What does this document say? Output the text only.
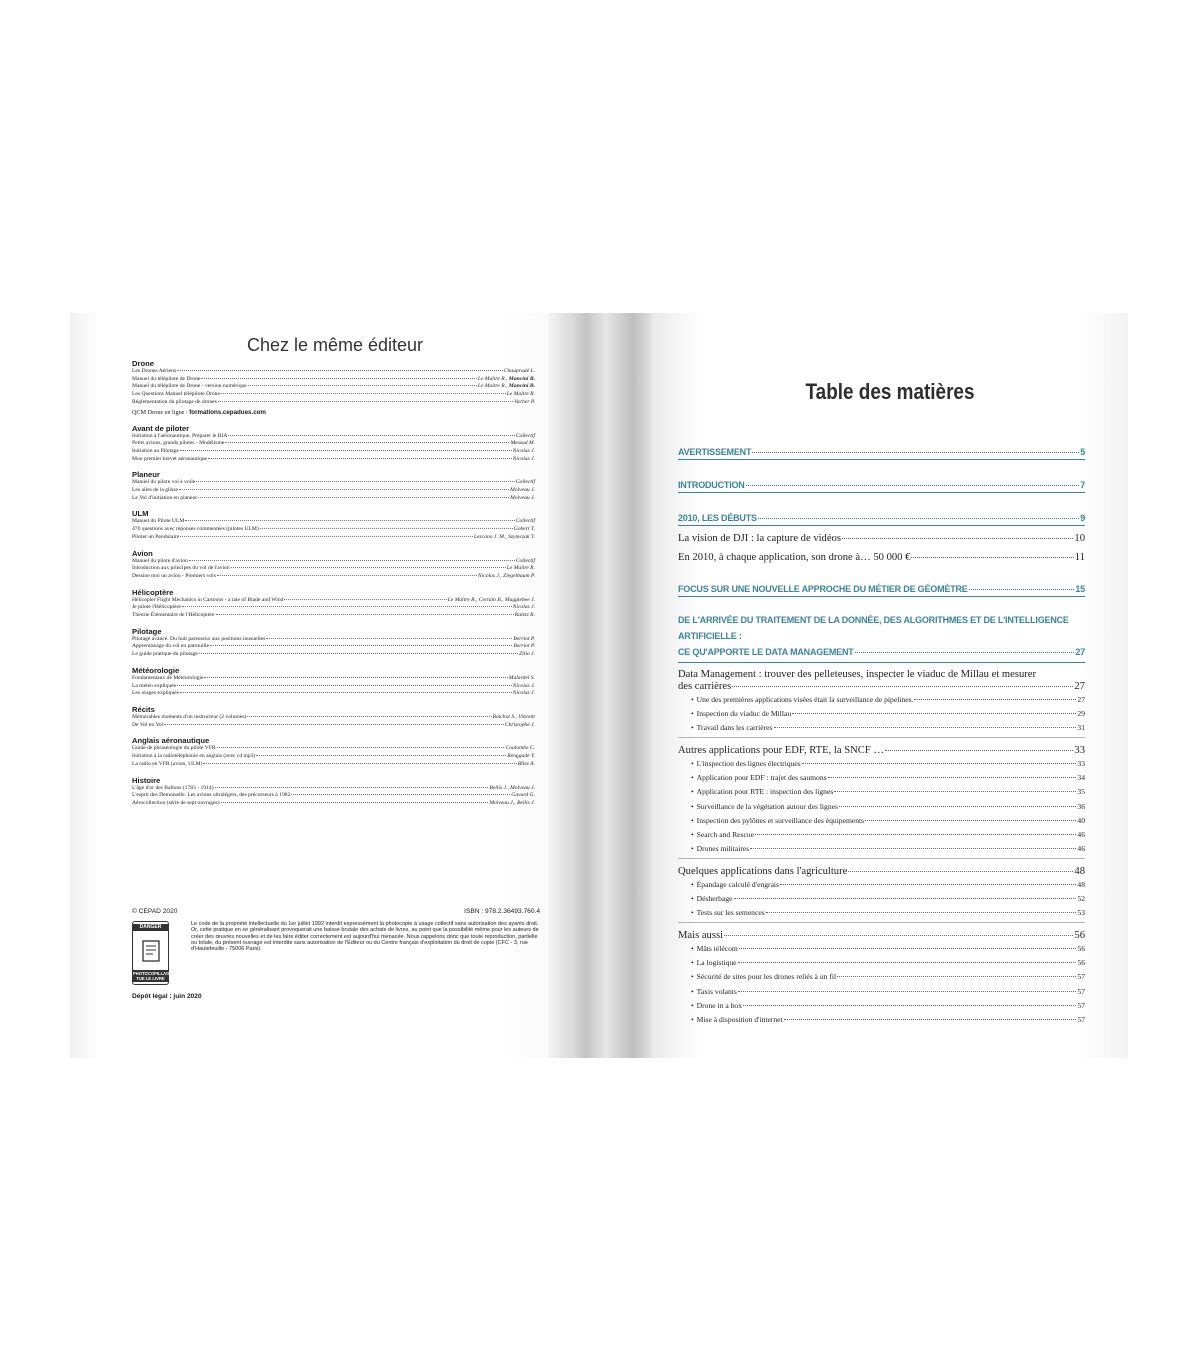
Chez le même éditeur
Drone
Les Drones Aériens	Chaupradé L.
Manuel du télépilote de Drone	Le Maître R., Mancini B.
Manuel du télépilote de Drone - version numérique	Le Maître R., Mancini B.
Les Questions Manuel télépilote Drone	Le Maître R.
Réglementation du pilotage de drones	Vacher P.
QCM Drone en ligne : formations.cepadues.com
Avant de piloter
Initiation à l'aéronautique, Préparer le BIA	Collectif
Petits avions, grands pilotes - Modélisme	Messud M.
Initiation au Pilotage	Nicolas J.
Mon premier brevet aéronautique	Nicolas J.
Planeur
Manuel du pilote vol à voile	Collectif
Les ailes de la glisse	Molveau J.
Le Vol d'initiation en planeur	Molveau J.
ULM
Manuel du Pilote ULM	Collectif
470 questions avec réponses commentées (pilotes ULM)	Gobert T.
Piloter un Pendulaire	Lezcano J. M., Szymczak T.
Avion
Manuel du pilote d'avion	Collectif
Introduction aux principes du vol de l'avion	Le Maître R.
Dessine moi un avion - Premiers vols	Nicolas J., Ziegelbaum P.
Hélicoptère
Helicopter Flight Mechanics in Cartoons - a tale of Blade and Wind	Le Maître R., Certain B., Mugglebee J.
Je pilote l'Hélicoptère	Nicolas J.
Théorie Élémentaire de l'Hélicoptère	Raletz R.
Pilotage
Pilotage avancé. Du huit paresseux aux positions inusuelles	Berriot P.
Apprentissage du vol en patrouille	Berriot P.
Le guide pratique du pilotage	Zilio J.
Météorologie
Fondamentaux de Météorologie	Malardel S.
La météo expliquée	Nicolas J.
Les orages expliqués	Nicolas J.
Récits
Mémorables moments d'un instructeur (2 volumes)	Boichot S., Vincent
De Vol en Vol	Christophe J.
Anglais aéronautique
Guide de phraséologie du pilote VFR	Coulombe C.
Initiation à la radiotéléphonie en anglais (avec cd mp3)	Renggade Y.
La radio en VFR (avion, ULM)	Bliez A.
Histoire
L'âge d'or des Ballons (1783 - 1914)	Bellis J., Molveau J.
L'esprit des Demoiselle. Les avions ultralégers, des précurseurs à 1982	Gavard G.
Aérocollection (série de sept ouvrages)	Molveau J., Bellis J.
© CEPAD 2020	ISBN : 978.2.36493.760.4
DANGER
PHOTOCOPILLAGE TUE LE LIVRE
Le code de la propriété intellectuelle du 1er juillet 1992 interdit expressément la photocopie à usage collectif sans autorisation des ayants droit. Or, cette pratique en se généralisant provoquerait une baisse brutale des achats de livres, au point que la possibilité même pour les auteurs de créer des œuvres nouvelles et de les faire éditer correctement est aujourd'hui menacée. Nous rappelons donc que toute reproduction, partielle ou totale, du présent ouvrage est interdite sans autorisation de l'Éditeur ou du Centre français d'exploitation du droit de copie (CFC - 3, rue d'Hautefeuille - 75006 Paris).
Dépôt légal : juin 2020
Table des matières
AVERTISSEMENT	5
INTRODUCTION	7
2010, LES DÉBUTS	9
La vision de DJI : la capture de vidéos	10
En 2010, à chaque application, son drone à… 50 000 €	11
FOCUS SUR UNE NOUVELLE APPROCHE DU MÉTIER DE GÉOMÈTRE	15
DE L'ARRIVÉE DU TRAITEMENT DE LA DONNÉE, DES ALGORITHMES ET DE L'INTELLIGENCE ARTIFICIELLE :
CE QU'APPORTE LE DATA MANAGEMENT	27
Data Management : trouver des pelleteuses, inspecter le viaduc de Millau et mesurer
des carrières	27
• Une des premières applications visées était la surveillance de pipelines.	27
• Inspection du viaduc de Millau	29
• Travail dans les carrières	31
Autres applications pour EDF, RTE, la SNCF …	33
• L'inspection des lignes électriques	33
• Application pour EDF : trajet des saumons	34
• Application pour RTE : inspection des lignes	35
• Surveillance de la végétation autour des lignes	36
• Inspection des pylônes et surveillance des équipements	40
• Search and Rescue	46
• Drones militaires	46
Quelques applications dans l'agriculture	48
• Épandage calculé d'engrais	48
• Désherbage	52
• Tests sur les semences	53
Mais aussi	56
• Mâts télécom	56
• La logistique	56
• Sécurité de sites pour les drones reliés à un fil	57
• Taxis volants	57
• Drone in a box	57
• Mise à disposition d'internet	57
